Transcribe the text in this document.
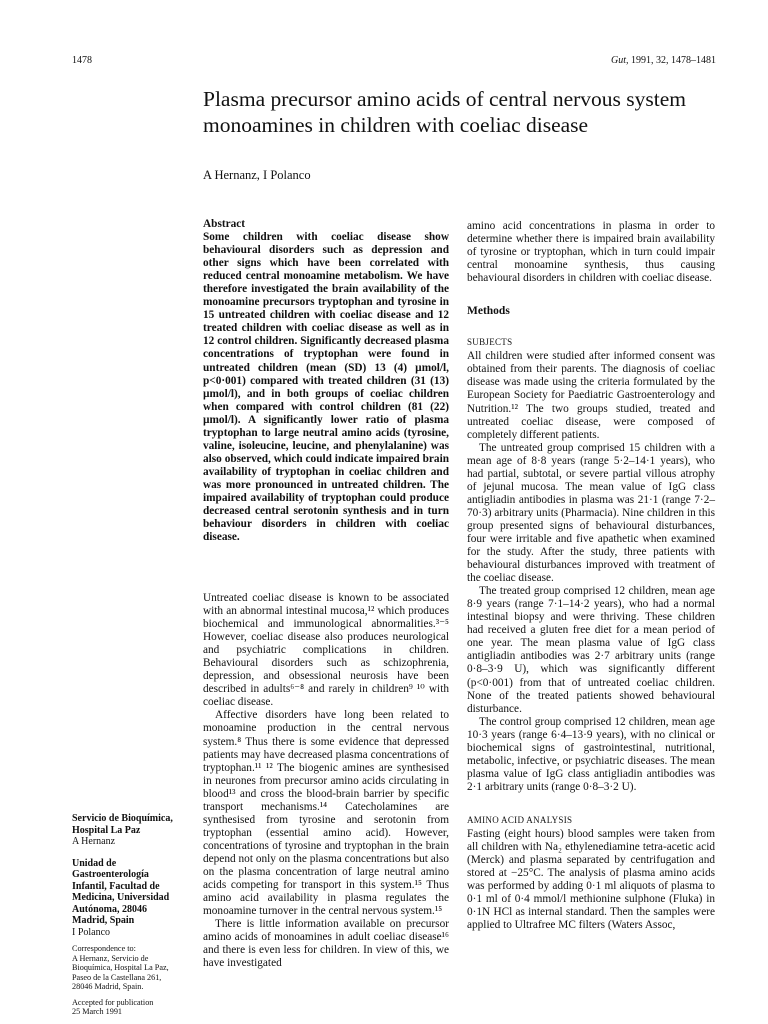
1478	Gut, 1991, 32, 1478–1481
Plasma precursor amino acids of central nervous system monoamines in children with coeliac disease
A Hernanz, I Polanco

Abstract

Some children with coeliac disease show behavioural disorders such as depression and other signs which have been correlated with reduced central monoamine metabolism. We have therefore investigated the brain availability of the monoamine precursors tryptophan and tyrosine in 15 untreated children with coeliac disease and 12 treated children with coeliac disease as well as in 12 control children. Significantly decreased plasma concentrations of tryptophan were found in untreated children (mean (SD) 13 (4) µmol/l, p<0·001) compared with treated children (31 (13) µmol/l), and in both groups of coeliac children when compared with control children (81 (22) µmol/l). A significantly lower ratio of plasma tryptophan to large neutral amino acids (tyrosine, valine, isoleucine, leucine, and phenylalanine) was also observed, which could indicate impaired brain availability of tryptophan in coeliac children and was more pronounced in untreated children. The impaired availability of tryptophan could produce decreased central serotonin synthesis and in turn behaviour disorders in children with coeliac disease.

Untreated coeliac disease is known to be associated with an abnormal intestinal mucosa,¹² which produces biochemical and immunological abnormalities.³⁻⁵ However, coeliac disease also produces neurological and psychiatric complications in children. Behavioural disorders such as schizophrenia, depression, and obsessional neurosis have been described in adults⁶⁻⁸ and rarely in children⁹ ¹⁰ with coeliac disease.

Affective disorders have long been related to monoamine production in the central nervous system.⁸ Thus there is some evidence that depressed patients may have decreased plasma concentrations of tryptophan.¹¹ ¹² The biogenic amines are synthesised in neurones from precursor amino acids circulating in blood¹³ and cross the blood-brain barrier by specific transport mechanisms.¹⁴ Catecholamines are synthesised from tyrosine and serotonin from tryptophan (essential amino acid). However, concentrations of tyrosine and tryptophan in the brain depend not only on the plasma concentrations but also on the plasma concentration of large neutral amino acids competing for transport in this system.¹⁵ Thus amino acid availability in plasma regulates the monoamine turnover in the central nervous system.¹⁵

There is little information available on precursor amino acids of monoamines in adult coeliac disease¹⁶ and there is even less for children. In view of this, we have investigated

amino acid concentrations in plasma in order to determine whether there is impaired brain availability of tyrosine or tryptophan, which in turn could impair central monoamine synthesis, thus causing behavioural disorders in children with coeliac disease.

Methods

SUBJECTS

All children were studied after informed consent was obtained from their parents. The diagnosis of coeliac disease was made using the criteria formulated by the European Society for Paediatric Gastroenterology and Nutrition.¹² The two groups studied, treated and untreated coeliac disease, were composed of completely different patients.

The untreated group comprised 15 children with a mean age of 8·8 years (range 5·2–14·1 years), who had partial, subtotal, or severe partial villous atrophy of jejunal mucosa. The mean value of IgG class antigliadin antibodies in plasma was 21·1 (range 7·2–70·3) arbitrary units (Pharmacia). Nine children in this group presented signs of behavioural disturbances, four were irritable and five apathetic when examined for the study. After the study, three patients with behavioural disturbances improved with treatment of the coeliac disease.

The treated group comprised 12 children, mean age 8·9 years (range 7·1–14·2 years), who had a normal intestinal biopsy and were thriving. These children had received a gluten free diet for a mean period of one year. The mean plasma value of IgG class antigliadin antibodies was 2·7 arbitrary units (range 0·8–3·9 U), which was significantly different (p<0·001) from that of untreated coeliac children. None of the treated patients showed behavioural disturbance.

The control group comprised 12 children, mean age 10·3 years (range 6·4–13·9 years), with no clinical or biochemical signs of gastrointestinal, nutritional, metabolic, infective, or psychiatric diseases. The mean plasma value of IgG class antigliadin antibodies was 2·1 arbitrary units (range 0·8–3·2 U).

AMINO ACID ANALYSIS

Fasting (eight hours) blood samples were taken from all children with Na₂ ethylenediamine tetra-acetic acid (Merck) and plasma separated by centrifugation and stored at −25°C. The analysis of plasma amino acids was performed by adding 0·1 ml aliquots of plasma to 0·1 ml of 0·4 mmol/l methionine sulphone (Fluka) in 0·1N HCl as internal standard. Then the samples were applied to Ultrafree MC filters (Waters Assoc,

Servicio de Bioquímica,
Hospital La Paz
A Hernanz
Unidad de
Gastroenterología
Infantil, Facultad de
Medicina, Universidad
Autónoma, 28046
Madrid, Spain
I Polanco
Correspondence to:
A Hernanz, Servicio de
Bioquímica, Hospital La Paz,
Paseo de la Castellana 261,
28046 Madrid, Spain.
Accepted for publication
25 March 1991
